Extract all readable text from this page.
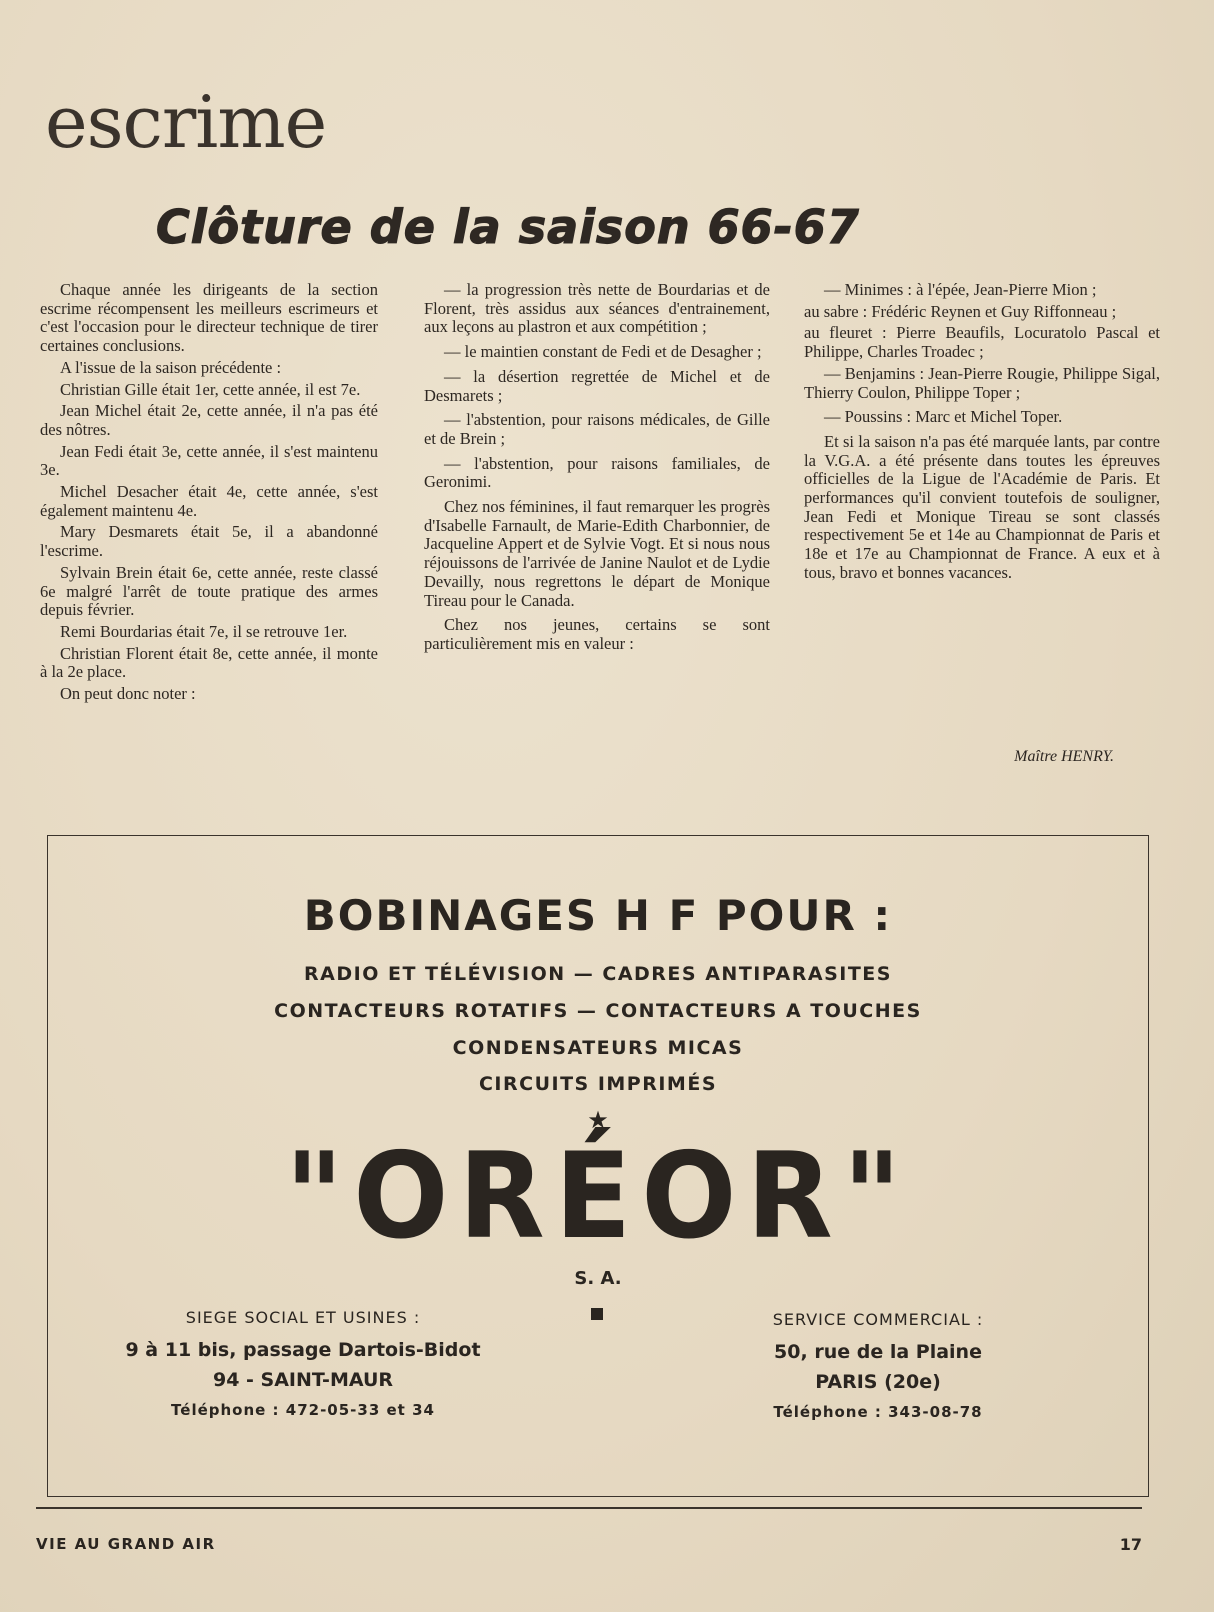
escrime
Clôture de la saison 66-67

Chaque année les dirigeants de la section escrime récompensent les meilleurs escrimeurs et c'est l'occasion pour le directeur technique de tirer certaines conclusions.

A l'issue de la saison précédente :

Christian Gille était 1er, cette année, il est 7e.

Jean Michel était 2e, cette année, il n'a pas été des nôtres.

Jean Fedi était 3e, cette année, il s'est maintenu 3e.

Michel Desacher était 4e, cette année, s'est également maintenu 4e.

Mary Desmarets était 5e, il a abandonné l'escrime.

Sylvain Brein était 6e, cette année, reste classé 6e malgré l'arrêt de toute pratique des armes depuis février.

Remi Bourdarias était 7e, il se retrouve 1er.

Christian Florent était 8e, cette année, il monte à la 2e place.

On peut donc noter :

— la progression très nette de Bourdarias et de Florent, très assidus aux séances d'entrainement, aux leçons au plastron et aux compétition ;

— le maintien constant de Fedi et de Desagher ;

— la désertion regrettée de Michel et de Desmarets ;

— l'abstention, pour raisons médicales, de Gille et de Brein ;

— l'abstention, pour raisons familiales, de Geronimi.

Chez nos féminines, il faut remarquer les progrès d'Isabelle Farnault, de Marie-Edith Charbonnier, de Jacqueline Appert et de Sylvie Vogt. Et si nous nous réjouissons de l'arrivée de Janine Naulot et de Lydie Devailly, nous regrettons le départ de Monique Tireau pour le Canada.

Chez nos jeunes, certains se sont particulièrement mis en valeur :

— Minimes : à l'épée, Jean-Pierre Mion ;

au sabre : Frédéric Reynen et Guy Riffonneau ;

au fleuret : Pierre Beaufils, Locuratolo Pascal et Philippe, Charles Troadec ;

— Benjamins : Jean-Pierre Rougie, Philippe Sigal, Thierry Coulon, Philippe Toper ;

— Poussins : Marc et Michel Toper.

Et si la saison n'a pas été marquée lants, par contre la V.G.A. a été présente dans toutes les épreuves officielles de la Ligue de l'Académie de Paris. Et performances qu'il convient toutefois de souligner, Jean Fedi et Monique Tireau se sont classés respectivement 5e et 14e au Championnat de Paris et 18e et 17e au Championnat de France. A eux et à tous, bravo et bonnes vacances.

Maître HENRY.
BOBINAGES H F POUR :
RADIO ET TÉLÉVISION — CADRES ANTIPARASITES
CONTACTEURS ROTATIFS — CONTACTEURS A TOUCHES
CONDENSATEURS MICAS
CIRCUITS IMPRIMÉS
★
"ORÉOR"
S. A.
SIEGE SOCIAL ET USINES :
9 à 11 bis, passage Dartois-Bidot
94 - SAINT-MAUR
Téléphone : 472-05-33 et 34
SERVICE COMMERCIAL :
50, rue de la Plaine
PARIS (20e)
Téléphone : 343-08-78
VIE AU GRAND AIR	17
